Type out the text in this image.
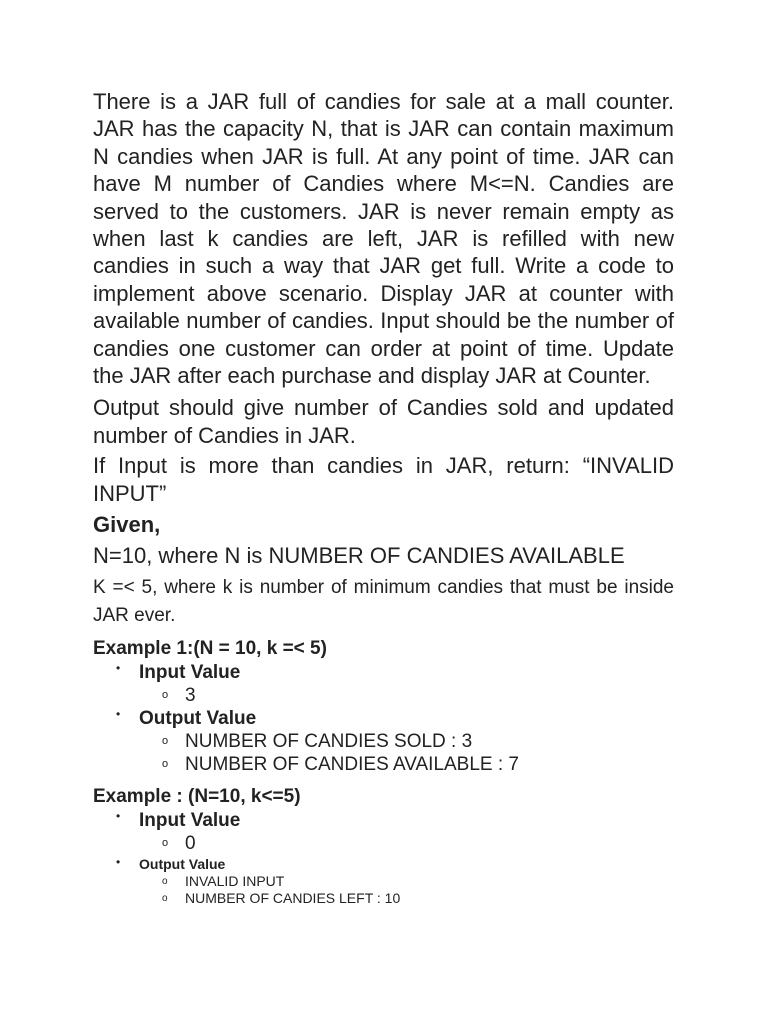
There is a JAR full of candies for sale at a mall counter. JAR has the capacity N, that is JAR can contain maximum N candies when JAR is full. At any point of time. JAR can have M number of Candies where M<=N. Candies are served to the customers. JAR is never remain empty as when last k candies are left, JAR is refilled with new candies in such a way that JAR get full. Write a code to implement above scenario. Display JAR at counter with available number of candies. Input should be the number of candies one customer can order at point of time. Update the JAR after each purchase and display JAR at Counter.

Output should give number of Candies sold and updated number of Candies in JAR.

If Input is more than candies in JAR, return: “INVALID INPUT”

Given,

N=10, where N is NUMBER OF CANDIES AVAILABLE

K =< 5, where k is number of minimum candies that must be inside JAR ever.

Example 1:(N = 10, k =< 5)

• Input Value
o 3
• Output Value
o NUMBER OF CANDIES SOLD : 3
o NUMBER OF CANDIES AVAILABLE : 7

Example : (N=10, k<=5)

• Input Value
o 0
• Output Value
o INVALID INPUT
o NUMBER OF CANDIES LEFT : 10
